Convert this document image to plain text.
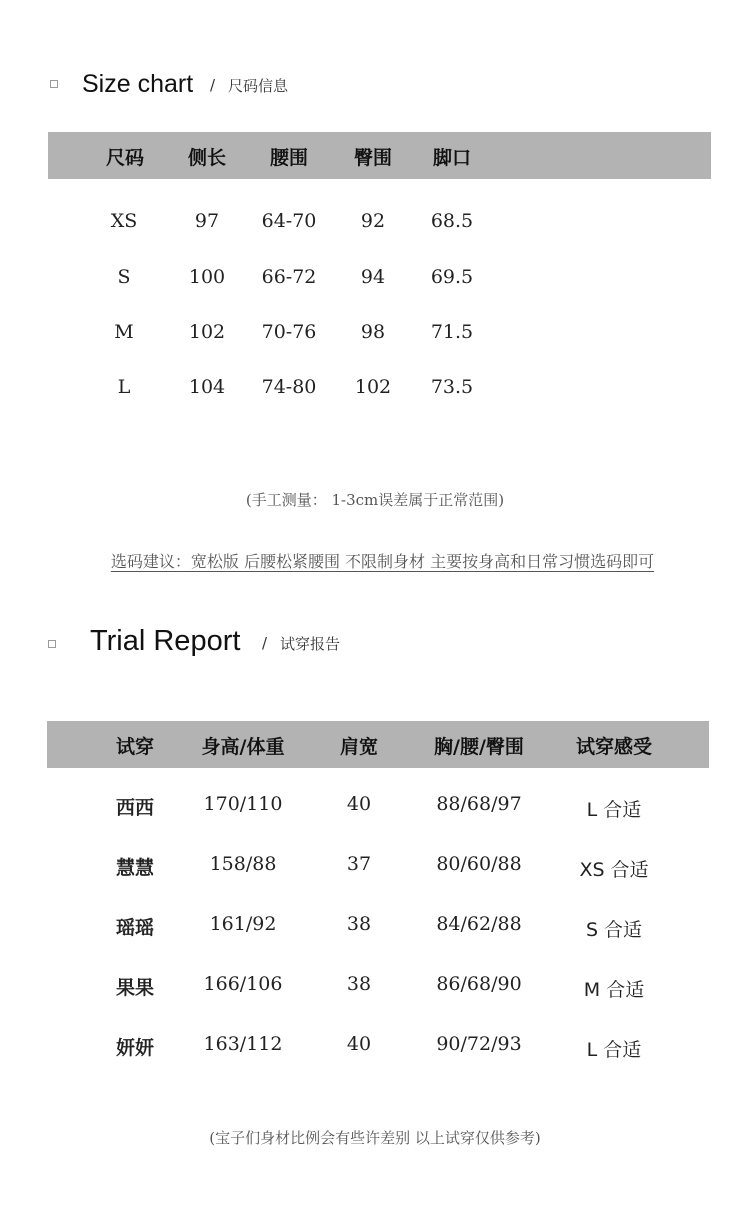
Size chart / 尺码信息
尺码 侧长 腰围 臀围 脚口
XS	97 64-70 92 68.5
S	100 66-72 94 69.5
M	102 70-76 98 71.5
L	104 74-80 102 73.5
(手工测量： 1-3cm误差属于正常范围)
选码建议：宽松版 后腰松紧腰围 不限制身材 主要按身高和日常习惯选码即可
Trial Report / 试穿报告
试穿	身高/体重	肩宽	胸/腰/臀围	试穿感受
西西	170/110	40	88/68/97	L 合适
慧慧	158/88	37	80/60/88	XS 合适
瑶瑶	161/92	38	84/62/88	S 合适
果果	166/106	38	86/68/90	M 合适
妍妍	163/112	40	90/72/93	L 合适
(宝子们身材比例会有些许差别 以上试穿仅供参考)
